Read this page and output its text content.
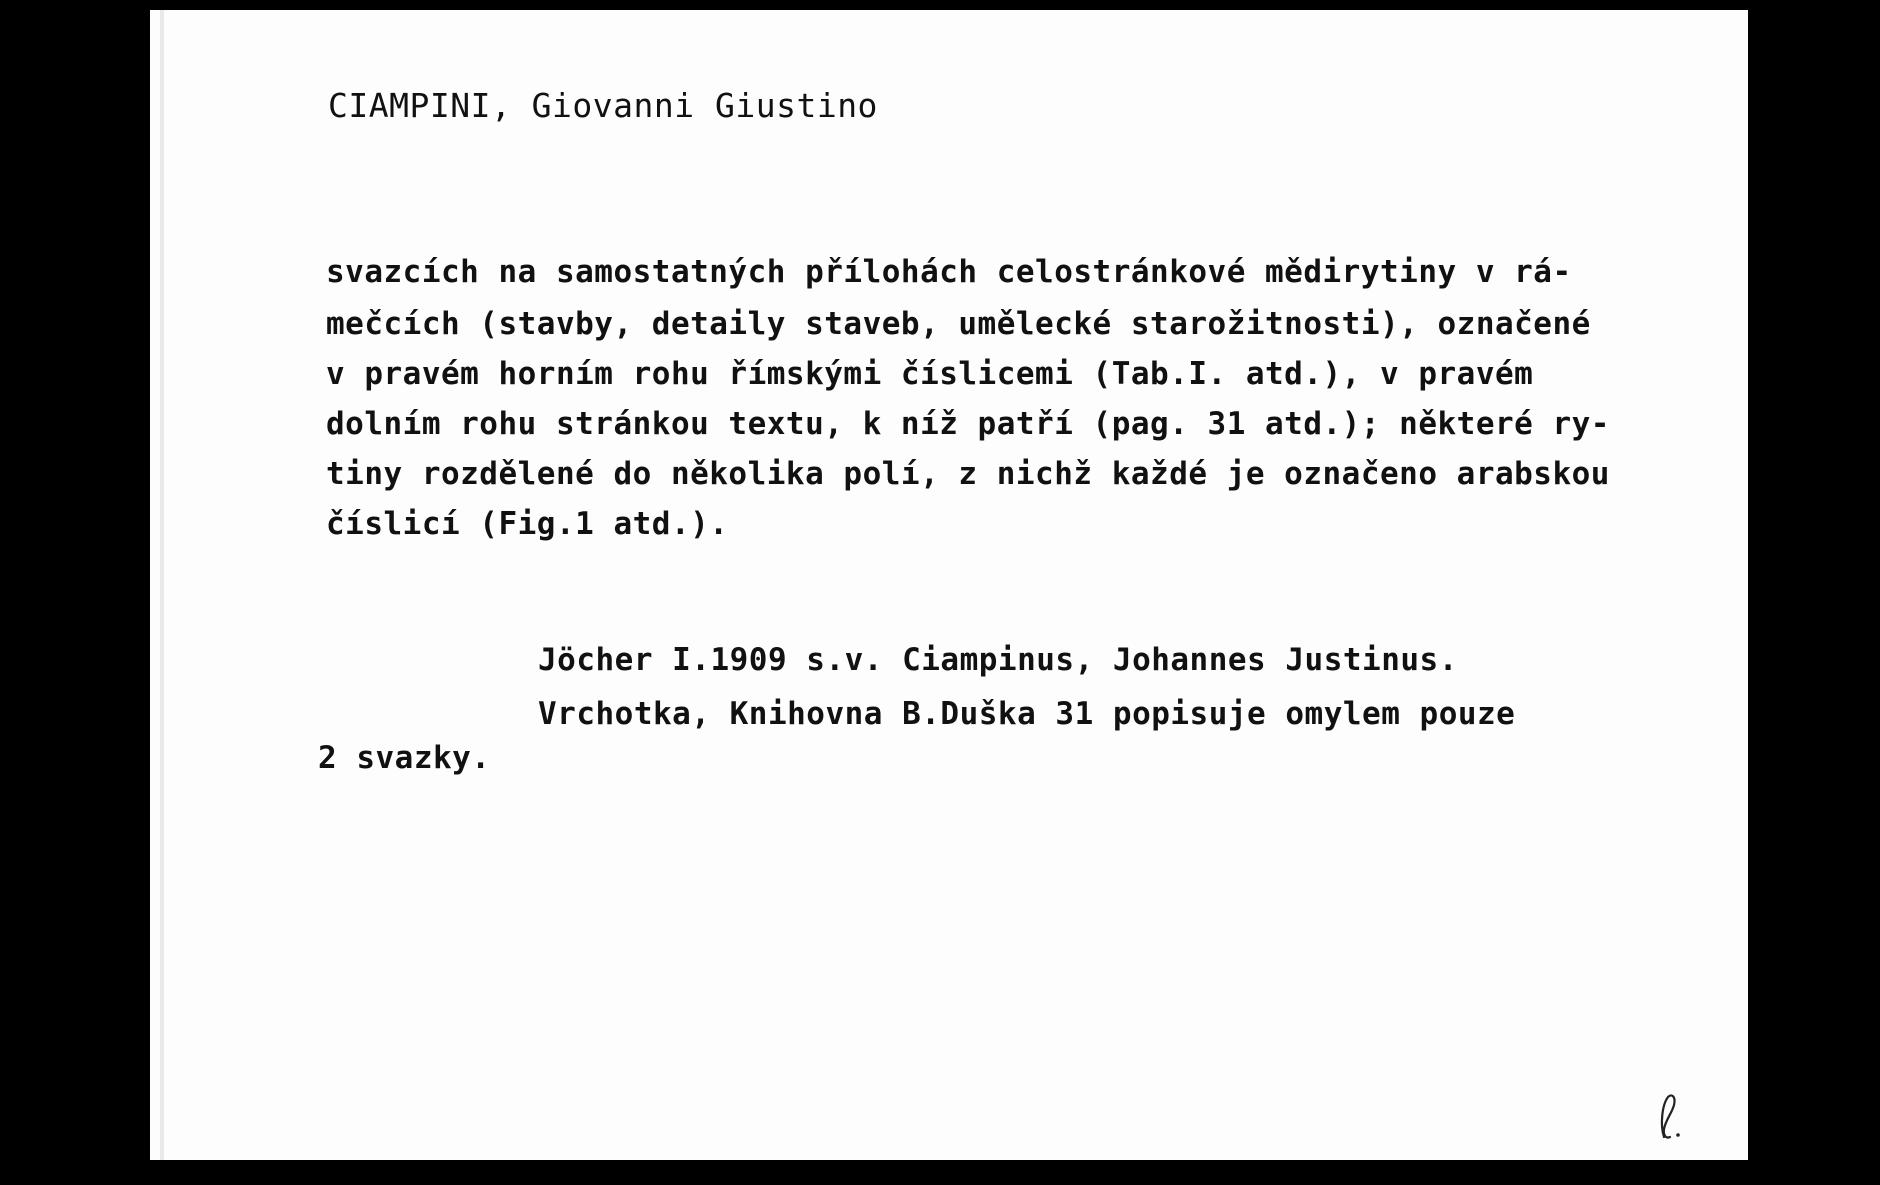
CIAMPINI, Giovanni Giustino
svazcích na samostatných přílohách celostránkové mědirytiny v rá-
mečcích (stavby, detaily staveb, umělecké starožitnosti), označené
v pravém horním rohu římskými číslicemi (Tab.I. atd.), v pravém
dolním rohu stránkou textu, k níž patří (pag. 31 atd.); některé ry-
tiny rozdělené do několika polí, z nichž každé je označeno arabskou
číslicí (Fig.1 atd.).
Jöcher I.1909 s.v. Ciampinus, Johannes Justinus.
Vrchotka, Knihovna B.Duška 31 popisuje omylem pouze
2 svazky.
